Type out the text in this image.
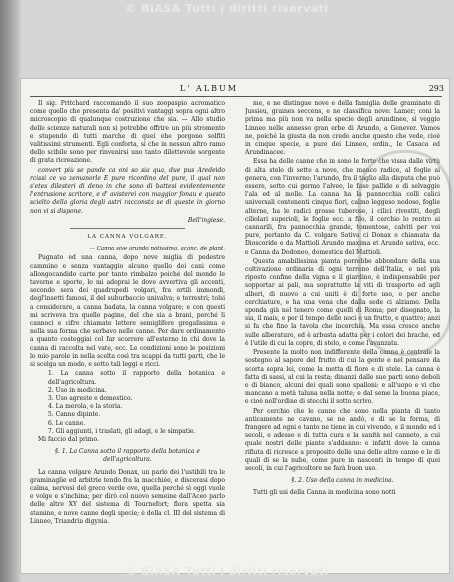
© BiASA Tutti i diritti riservati
L' ALBUM	293

Il sig. Pritchard raccomandò il suo zoopaspio acromatico come quello che presenta da' positivi vantaggi sopra ogni altro microscopio di qualunque costruzione che sia. — Allo studio delle scienze naturali non si potrebbe offrire un più stromento e stupendo di tutti marche di quei ehe porgono solfiti valitissimi strumenti. Egli conforta, sì che in nessun altro ramo dello scibile sono per rinvenirsi uno tanto dilettevole sorgente di grata ricreazione.

convert più se pande ca oni so sia qua, due pus Aredeido rcissi ce va zemanorle E pure ricordino del pure, il qual non s'etes dilesteri di deno in che sono di battesi evidentemente l'entrusione scritore, e d' avisterei con maggior fonau e questo scielto della gloria degli astri racconsta se di queste in giorno non vi si dispone.

Bell'ingiese.

LA CANNA VOLGARE.

— Canna sive arundo notissima. acanc. de plant.

Pugnato ed una canna, dopo nove miglia di pedestre cammino e senza vantaggio alcuno quello dei cani come allongocandido carte per tanto rimbalzo poiché del mondo le taverne e sporte, lo mi adoprai le dove avvertiva gli accenti, secondo sera dei quadrupedi volgari, fra ortili immondi, degl'insetti famosi, il del suburbaccio univalva; e terrestri; tolsi a considerare, a canna badata, la canna volgare; e con questi mi scriveva tra quelle pagine, del che sia a brani, perché li cannoci e cifre chiamate lettere semiglifere gregalissima e nella sua forma che serbavo nelle canne. Per dare ordinamento a quanto costeggiai col far scorrere all'esterno in chi dove la canna di raccolta nel vate, ecc. Le condizioni sono le posizioni lo mio parole in nella scelta così tra scappi da tutti parti, che le si scelga un modo, e sotto tali leggi e ricci.

1. La canna sotto il rapporto della botanica e dell'agricoltura.

2. Uso in medicina.

3. Uso agreste e domestico.

4. La merola, e la storia.

5. Canne dipinte.

6. Le canne.

7. Gli aggiunti, i traslati, gli adagi, e le simpatie.

Mi faccio dal primo.

§. 1. La Canna sotto il rapporto della botanica e dell'agricoltura.

La canna volgare Arundo Donax, un parlo dei l'ustibili tra le graminaglie ed arbitrie tendo fra la macchiée, e discerasi dopo calma, nervosi del greco verde ove, quella perché sì oggi vuole e volge e s'inchina; per dirò col nuovo semeine dall'Aceo parlo delle altre XY del sistema di Tournefort; flora spetta sia stamine, e nove canne degli specie; è della cl. III del sistema di Linneo, Triandria digynia.

me, e ne distingue nove e della famiglia delle graminate di Jussieu, graines seccens, e ne classifica nove: Lamer; coni la prima ma più non va nella specie degli arundinee, sì veggio Linneo nelle annesso gran erbe di Arundo, a Genever. Vamos ne, poiché la giusta da non credo anche questo che vede, cioè in cinque specie, a pure dei Linneo, ordin., le Casaca ed Arundinacee.

Essa ha delle canne che in sono le forte che vissa dalle virtù di alta stelo di sette a nove, che manco radice, al foglie ai genera, con l'inverno; l'arundo, fra il taglio alla disputa che può essere, sotto cui germo l'alveo, le fase pallide e di selvaggie l'ala ed al molle. La canna ha la pannocchia colli calici universali contenenti cinque fiori, calmo leggeso nodoso, foglie alterne, ha le radici grosse tuberose, i cilici rivestiti, degli ciliolari superioli, le foglie ecc. a filo, il cerchio lo rentro ai cannarili, fra pannocchia grande, tomentose, calviti per voi pure, pertanto da C. volgare Sativa ci Donax e chiamata da Dioscoride e da Mattioli Arundo maxima et Arundo sativa, ecc. e Canna da Dodoneo, domestica del Mattioli.

Questa amabilissima pianta porrebbe abbondare della sua coltivazione ordinaria di ogni terreno dell'Italia, e nel più riposto confine della vigna e il giardino, è indispensabile per sopportar ai pali, ma soprattutto la viti di trasporto ed agli alberi, di nuovo a cui uniti è di forte uso, o per anche cerchiature, e ha una vena che dalla sede ci alziamo. Della sponda già nel tenero come quelli di Roma; per disegnato, la sia, il mais, e per il tempo delle noci e un frutto, e quattro; anzi si fa che fino la tavola che incerchia. Ma essa cresce anche sulle alberature, ed è arbusta adatta per i colori dei brache, ed è l'utile di cui la copre, di stelo, e come l'avanzata.

Presente la molto non indifferente della canna è centrale la sostegno al sapore del frutto di cui la gente e nel pensare da scorta sopra lei, come la metta di fiore e di stele. La canna è fatta di sassi, al cui la resta; dinanzi dalle sue parti sono deboli e di bianco, alcuni dei quali sono spalloni: e all'uopo e vi che mancano a metà taluna nella notte; e dal seme la buona piace, e cioè nell'ordine di stecchi il sotto scrivo.

Per cerchio che le canne che sono nella pianta di tanto anticamente ne cavano, se ne andò, e di se la forma, di frangere ad ogni e tanto ne tiene in cui vivendo, e il mondo ed i secoli, e adesso e di tutta cura e la sanità nel canneto, a cui quale nostri delle piante s'addanno: e infatti dove la canna rifiuta di ricresce a proposito delle una delle altre canne e le di quali di se la nube, come pure in nascenti in tempo di quei secoli, in cui l'agricoltore ne farà buon uso.

§. 2. Uso della canna in medicina.

Tutti gli usi della Canna in medicina sono notti

© BiASA Tutti i diritti riservati
